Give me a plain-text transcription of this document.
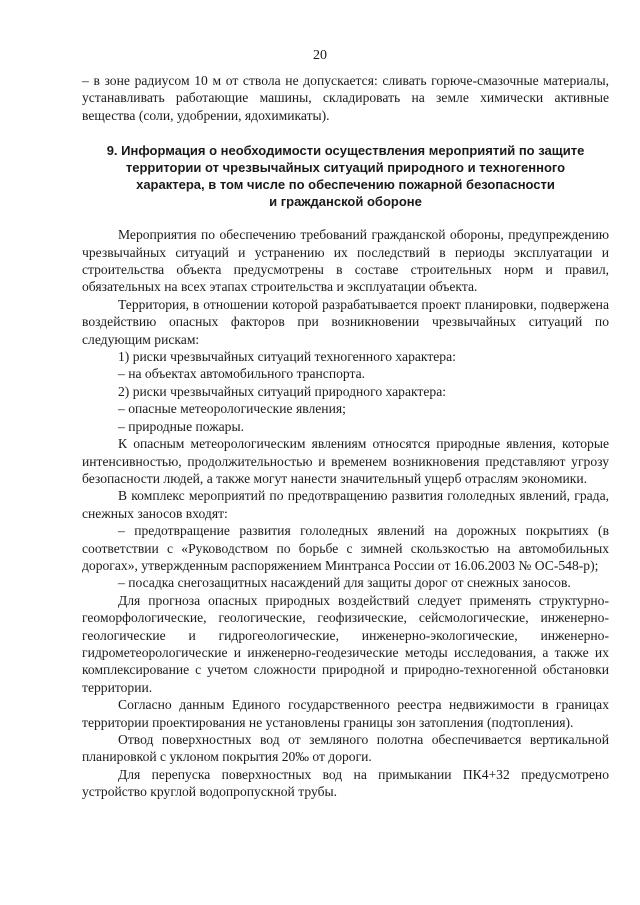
20

– в зоне радиусом 10 м от ствола не допускается: сливать горюче-смазочные материалы, устанавливать работающие машины, складировать на земле химически активные вещества (соли, удобрении, ядохимикаты).

9. Информация о необходимости осуществления мероприятий по защите
территории от чрезвычайных ситуаций природного и техногенного
характера, в том числе по обеспечению пожарной безопасности
и гражданской обороне

Мероприятия по обеспечению требований гражданской обороны, предупреждению чрезвычайных ситуаций и устранению их последствий в периоды эксплуатации и строительства объекта предусмотрены в составе строительных норм и правил, обязательных на всех этапах строительства и эксплуатации объекта.

Территория, в отношении которой разрабатывается проект планировки, подвержена воздействию опасных факторов при возникновении чрезвычайных ситуаций по следующим рискам:

1) риски чрезвычайных ситуаций техногенного характера:

– на объектах автомобильного транспорта.

2) риски чрезвычайных ситуаций природного характера:

– опасные метеорологические явления;

– природные пожары.

К опасным метеорологическим явлениям относятся природные явления, которые интенсивностью, продолжительностью и временем возникновения представляют угрозу безопасности людей, а также могут нанести значительный ущерб отраслям экономики.

В комплекс мероприятий по предотвращению развития гололедных явлений, града, снежных заносов входят:

– предотвращение развития гололедных явлений на дорожных покрытиях (в соответствии с «Руководством по борьбе с зимней скользкостью на автомобильных дорогах», утвержденным распоряжением Минтранса России от 16.06.2003 № ОС-548-р);

– посадка снегозащитных насаждений для защиты дорог от снежных заносов.

Для прогноза опасных природных воздействий следует применять структурно-геоморфологические, геологические, геофизические, сейсмологические, инженерно-геологические и гидрогеологические, инженерно-экологические, инженерно-гидрометеорологические и инженерно-геодезические методы исследования, а также их комплексирование с учетом сложности природной и природно-техногенной обстановки территории.

Согласно данным Единого государственного реестра недвижимости в границах территории проектирования не установлены границы зон затопления (подтопления).

Отвод поверхностных вод от земляного полотна обеспечивается вертикальной планировкой с уклоном покрытия 20‰ от дороги.

Для перепуска поверхностных вод на примыкании ПК4+32 предусмотрено устройство круглой водопропускной трубы.
